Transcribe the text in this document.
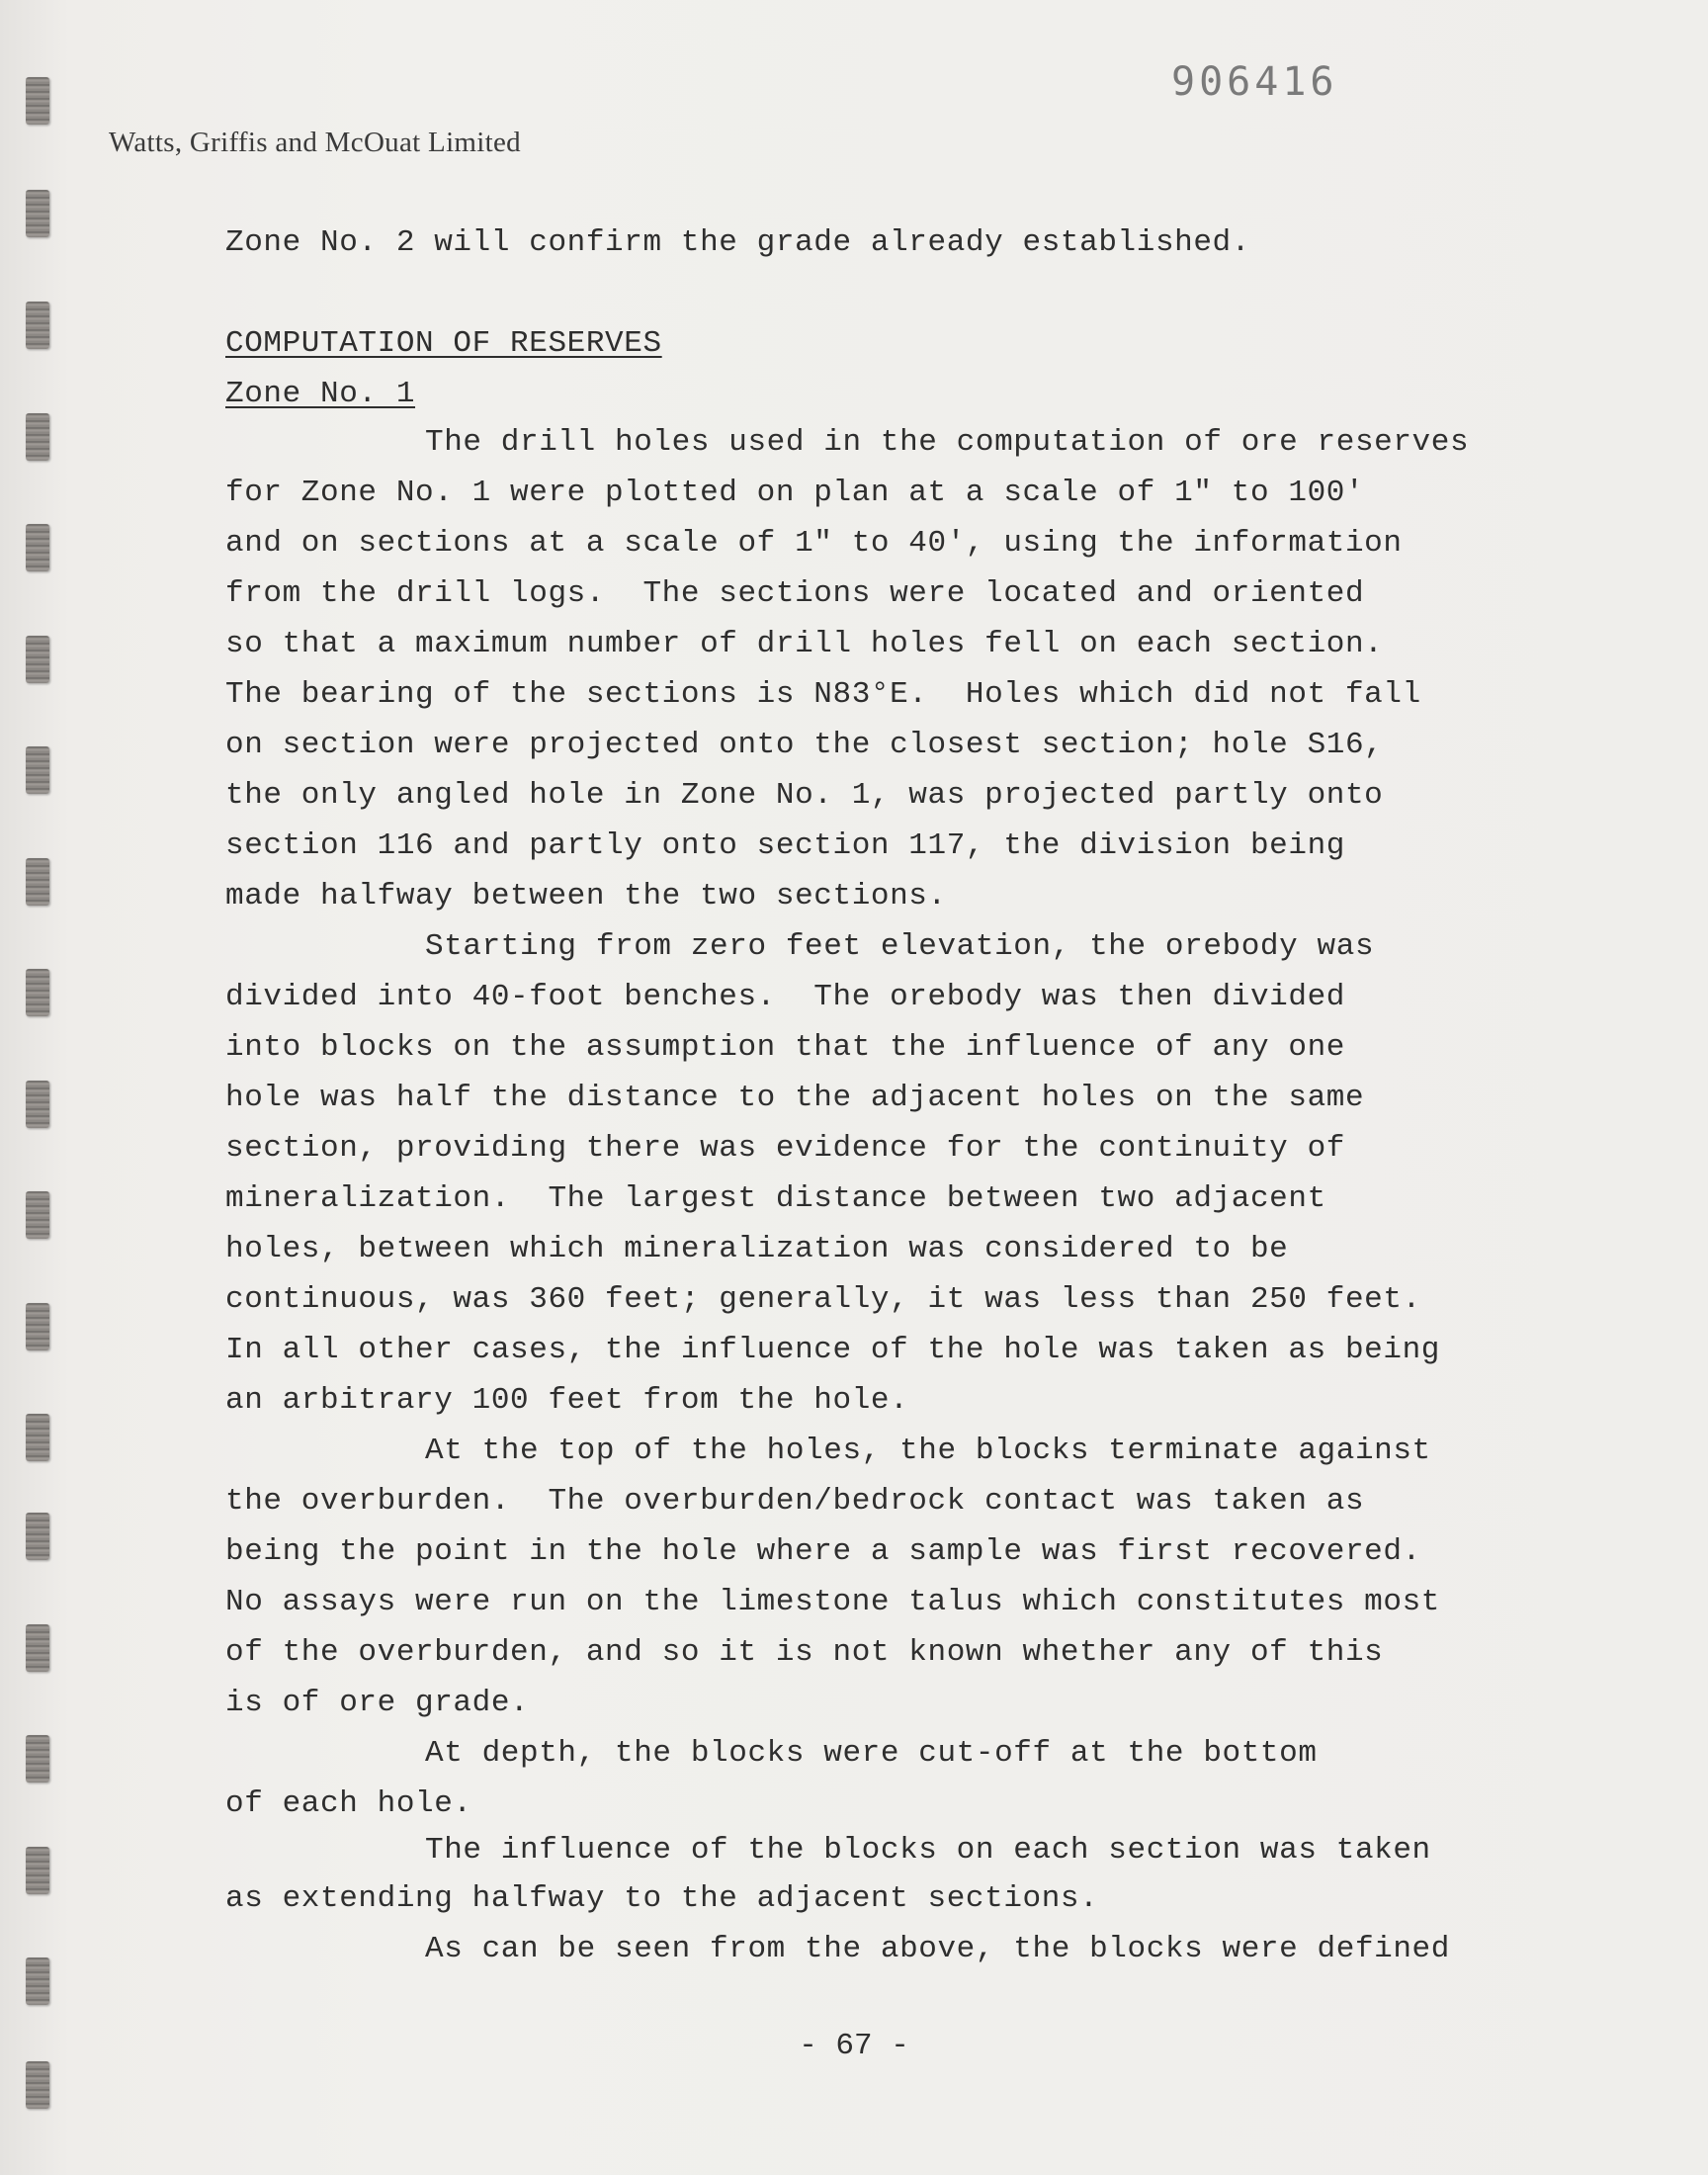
906416
Watts, Griffis and McOuat Limited
Zone No. 2 will confirm the grade already established.
COMPUTATION OF RESERVES
Zone No. 1
The drill holes used in the computation of ore reserves
for Zone No. 1 were plotted on plan at a scale of 1" to 100'
and on sections at a scale of 1" to 40', using the information
from the drill logs.  The sections were located and oriented
so that a maximum number of drill holes fell on each section.
The bearing of the sections is N83°E.  Holes which did not fall
on section were projected onto the closest section; hole S16,
the only angled hole in Zone No. 1, was projected partly onto
section 116 and partly onto section 117, the division being
made halfway between the two sections.
Starting from zero feet elevation, the orebody was
divided into 40-foot benches.  The orebody was then divided
into blocks on the assumption that the influence of any one
hole was half the distance to the adjacent holes on the same
section, providing there was evidence for the continuity of
mineralization.  The largest distance between two adjacent
holes, between which mineralization was considered to be
continuous, was 360 feet; generally, it was less than 250 feet.
In all other cases, the influence of the hole was taken as being
an arbitrary 100 feet from the hole.
At the top of the holes, the blocks terminate against
the overburden.  The overburden/bedrock contact was taken as
being the point in the hole where a sample was first recovered.
No assays were run on the limestone talus which constitutes most
of the overburden, and so it is not known whether any of this
is of ore grade.
At depth, the blocks were cut-off at the bottom
of each hole.
The influence of the blocks on each section was taken
as extending halfway to the adjacent sections.
As can be seen from the above, the blocks were defined
- 67 -
